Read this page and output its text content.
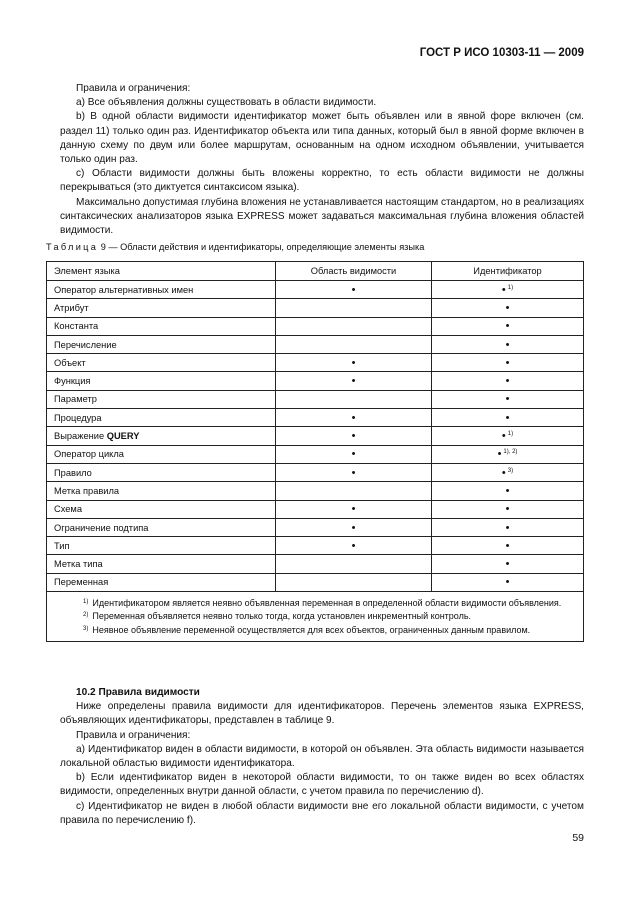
ГОСТ Р ИСО 10303-11 — 2009

Правила и ограничения:

a) Все объявления должны существовать в области видимости.

b) В одной области видимости идентификатор может быть объявлен или в явной форе включен (см. раздел 11) только один раз. Идентификатор объекта или типа данных, который был в явной форме включен в данную схему по двум или более маршрутам, основанным на одном исходном объявлении, учитывается только один раз.

c) Области видимости должны быть вложены корректно, то есть области видимости не должны перекрываться (это диктуется синтаксисом языка).

Максимально допустимая глубина вложения не устанавливается настоящим стандартом, но в реализациях синтаксических анализаторов языка EXPRESS может задаваться максимальная глубина вложения областей видимости.

Таблица 9 — Области действия и идентификаторы, определяющие элементы языка
Элемент языка	Область видимости	Идентификатор
Оператор альтернативных имен	•	• $^{1)}$
Атрибут		•
Константа		•
Перечисление		•
Объект	•	•
Функция	•	•
Параметр		•
Процедура	•	•
Выражение QUERY	•	• $^{1)}$
Оператор цикла	•	• $^{1), 2)}$
Правило	•	• $^{3)}$
Метка правила		•
Схема	•	•
Ограничение подтипа	•	•
Тип	•	•
Метка типа		•
Переменная		•

$^{1)}$ Идентификатором является неявно объявленная переменная в определенной области видимости объявления.

$^{2)}$ Переменная объявляется неявно только тогда, когда установлен инкрементный контроль.

$^{3)}$ Неявное объявление переменной осуществляется для всех объектов, ограниченных данным правилом.		

10.2 Правила видимости

Ниже определены правила видимости для идентификаторов. Перечень элементов языка EXPRESS, объявляющих идентификаторы, представлен в таблице 9.

Правила и ограничения:

a) Идентификатор виден в области видимости, в которой он объявлен. Эта область видимости называется локальной областью видимости идентификатора.

b) Если идентификатор виден в некоторой области видимости, то он также виден во всех областях видимости, определенных внутри данной области, с учетом правила по перечислению d).

c) Идентификатор не виден в любой области видимости вне его локальной области видимости, с учетом правила по перечислению f).

59
